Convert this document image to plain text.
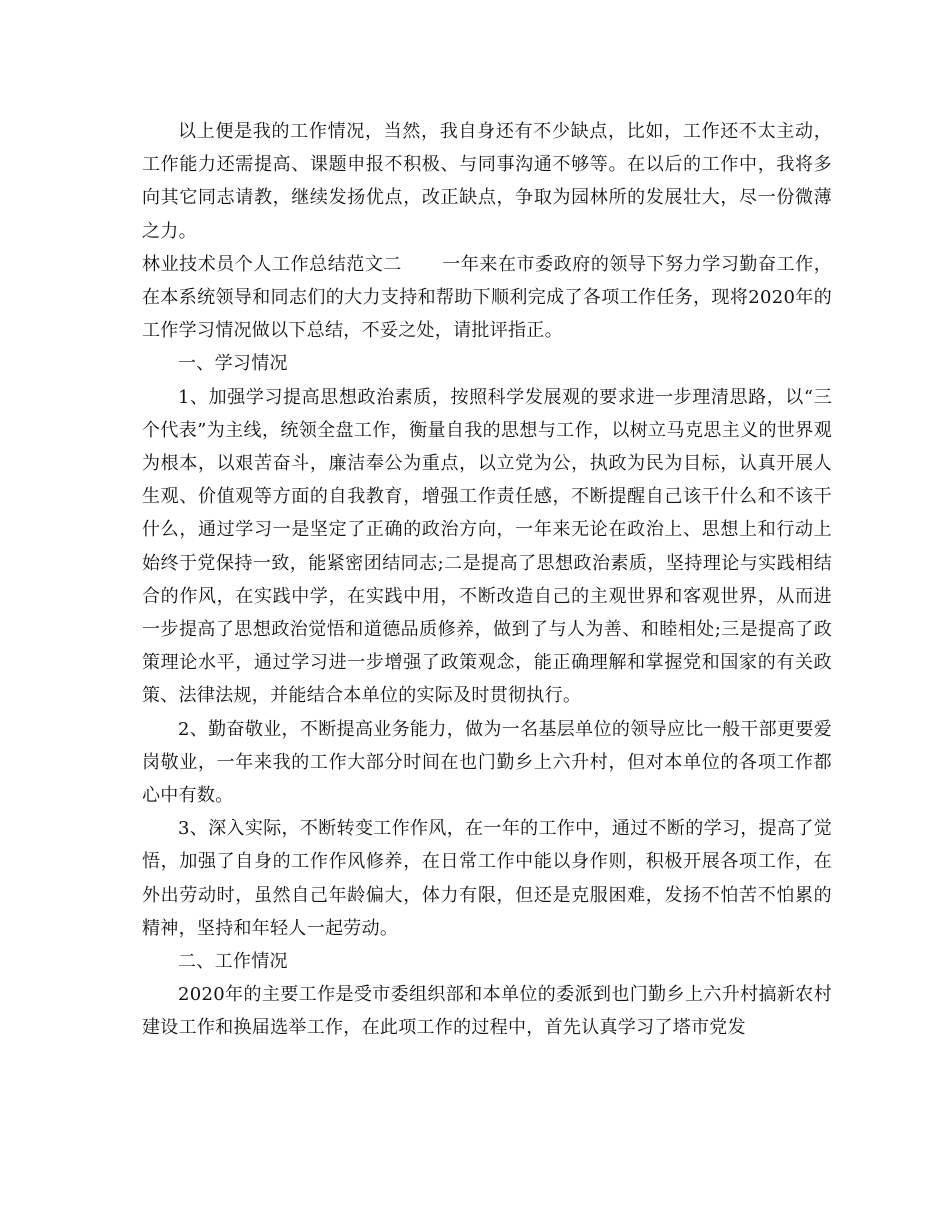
以上便是我的工作情况，当然，我自身还有不少缺点，比如，工作还不太主动，工作能力还需提高、课题申报不积极、与同事沟通不够等。在以后的工作中，我将多向其它同志请教，继续发扬优点，改正缺点，争取为园林所的发展壮大，尽一份微薄之力。

林业技术员个人工作总结范文二 一年来在市委政府的领导下努力学习勤奋工作，在本系统领导和同志们的大力支持和帮助下顺利完成了各项工作任务，现将2020年的工作学习情况做以下总结，不妥之处，请批评指正。

一、学习情况

1、加强学习提高思想政治素质，按照科学发展观的要求进一步理清思路，以“三个代表”为主线，统领全盘工作，衡量自我的思想与工作，以树立马克思主义的世界观为根本，以艰苦奋斗，廉洁奉公为重点，以立党为公，执政为民为目标，认真开展人生观、价值观等方面的自我教育，增强工作责任感，不断提醒自己该干什么和不该干什么，通过学习一是坚定了正确的政治方向，一年来无论在政治上、思想上和行动上始终于党保持一致，能紧密团结同志;二是提高了思想政治素质，坚持理论与实践相结合的作风，在实践中学，在实践中用，不断改造自己的主观世界和客观世界，从而进一步提高了思想政治觉悟和道德品质修养，做到了与人为善、和睦相处;三是提高了政策理论水平，通过学习进一步增强了政策观念，能正确理解和掌握党和国家的有关政策、法律法规，并能结合本单位的实际及时贯彻执行。

2、勤奋敬业，不断提高业务能力，做为一名基层单位的领导应比一般干部更要爱岗敬业，一年来我的工作大部分时间在也门勤乡上六升村，但对本单位的各项工作都心中有数。

3、深入实际，不断转变工作作风，在一年的工作中，通过不断的学习，提高了觉悟，加强了自身的工作作风修养，在日常工作中能以身作则，积极开展各项工作，在外出劳动时，虽然自己年龄偏大，体力有限，但还是克服困难，发扬不怕苦不怕累的精神，坚持和年轻人一起劳动。

二、工作情况

2020年的主要工作是受市委组织部和本单位的委派到也门勤乡上六升村搞新农村建设工作和换届选举工作，在此项工作的过程中，首先认真学习了塔市党发
